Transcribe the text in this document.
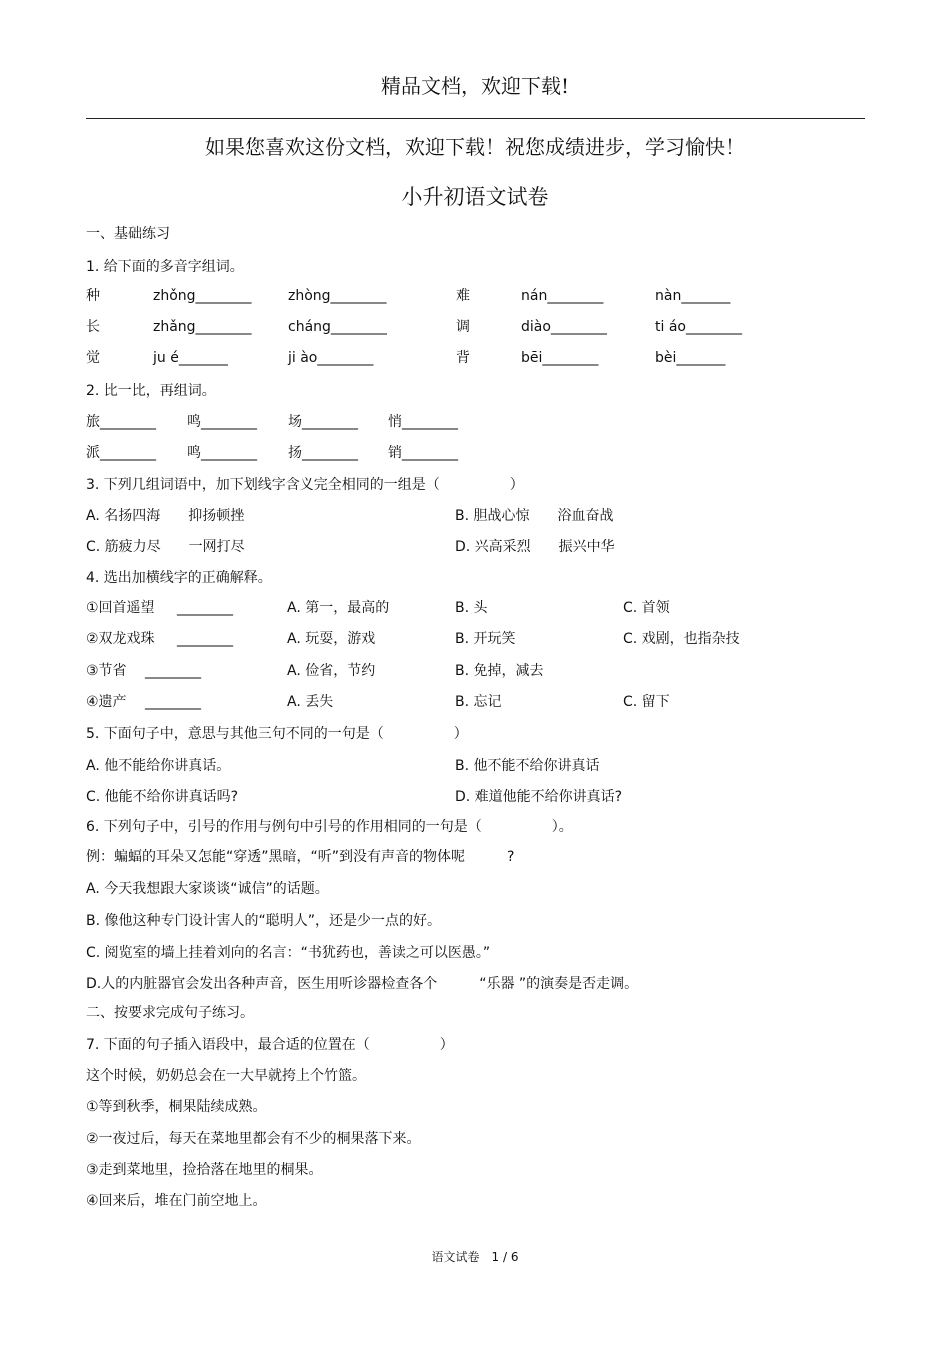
精品文档，欢迎下载!
如果您喜欢这份文档，欢迎下载！祝您成绩进步，学习愉快！
小升初语文试卷
一、基础练习
1. 给下面的多音字组词。
种	zhǒng________	zhòng________	难	nán________	nàn_______
长	zhǎng________	cháng________	调	diào________	ti áo________
觉	ju é_______	ji ào________	背	bēi________	bèi_______
2. 比一比，再组词。
旅________ 鸣________ 场________ 悄________
派________ 鸣________ 扬________ 销________
3. 下列几组词语中，加下划线字含义完全相同的一组是（　　　　　）
A. 名扬四海　　抑扬顿挫	B. 胆战心惊　　浴血奋战
C. 筋疲力尽　　一网打尽	D. 兴高采烈　　振兴中华
4. 选出加横线字的正确解释。
①回首遥望 ________	A. 第一，最高的	B. 头	C. 首领
②双龙戏珠 ________	A. 玩耍，游戏	B. 开玩笑	C. 戏剧，也指杂技
③节省 ________	A. 俭省，节约	B. 免掉，减去
④遗产 ________	A. 丢失	B. 忘记	C. 留下
5. 下面句子中，意思与其他三句不同的一句是（　　　　　）
A. 他不能给你讲真话。	B. 他不能不给你讲真话
C. 他能不给你讲真话吗?	D. 难道他能不给你讲真话?
6. 下列句子中，引号的作用与例句中引号的作用相同的一句是（　　　　　）。
例：蝙蝠的耳朵又怎能“穿透”黑暗，“听”到没有声音的物体呢　　　?
A. 今天我想跟大家谈谈“诚信”的话题。
B. 像他这种专门设计害人的“聪明人”，还是少一点的好。
C. 阅览室的墙上挂着刘向的名言：“书犹药也，善读之可以医愚。”
D.人的内脏器官会发出各种声音，医生用听诊器检查各个　　　“乐器 ”的演奏是否走调。
二、按要求完成句子练习。
7. 下面的句子插入语段中，最合适的位置在（　　　　　）
这个时候，奶奶总会在一大早就挎上个竹篮。
①等到秋季，桐果陆续成熟。
②一夜过后，每天在菜地里都会有不少的桐果落下来。
③走到菜地里，捡拾落在地里的桐果。
④回来后，堆在门前空地上。
语文试卷　1 / 6
